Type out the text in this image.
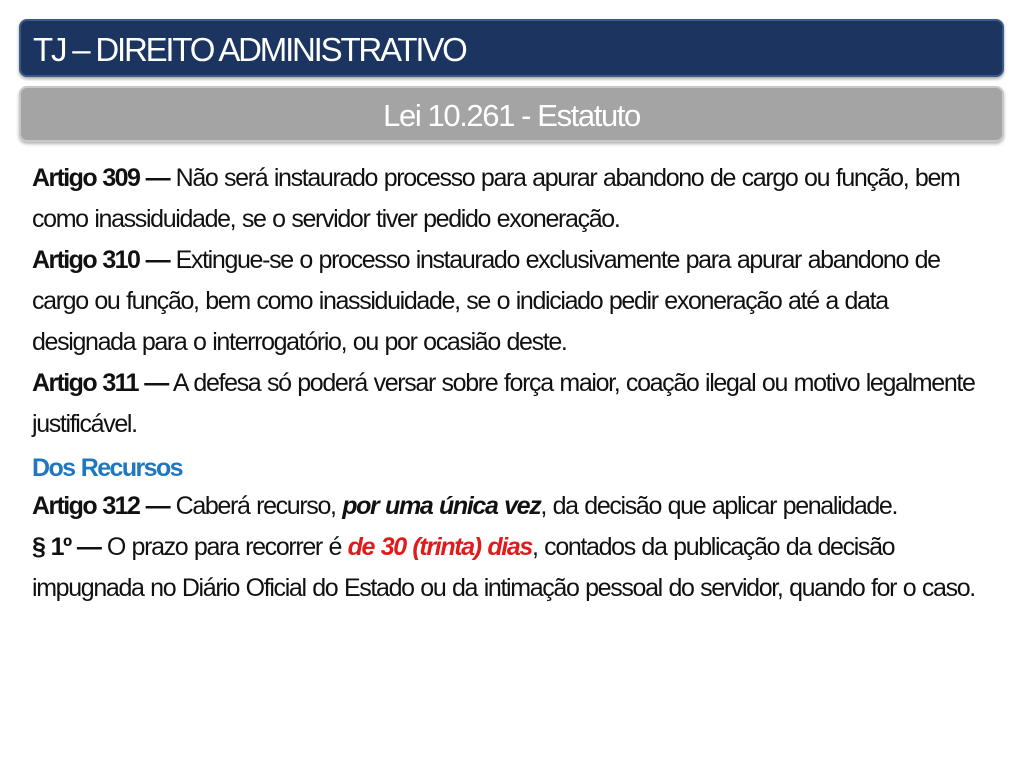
TJ – DIREITO ADMINISTRATIVO
Lei 10.261 - Estatuto

Artigo 309 — Não será instaurado processo para apurar abandono de cargo ou função, bem como inassiduidade, se o servidor tiver pedido exoneração.

Artigo 310 — Extingue-se o processo instaurado exclusivamente para apurar abandono de cargo ou função, bem como inassiduidade, se o indiciado pedir exoneração até a data designada para o interrogatório, ou por ocasião deste.

Artigo 311 — A defesa só poderá versar sobre força maior, coação ilegal ou motivo legalmente justificável.

Dos Recursos

Artigo 312 — Caberá recurso, por uma única vez, da decisão que aplicar penalidade.

§ 1º — O prazo para recorrer é de 30 (trinta) dias, contados da publicação da decisão impugnada no Diário Oficial do Estado ou da intimação pessoal do servidor, quando for o caso.
